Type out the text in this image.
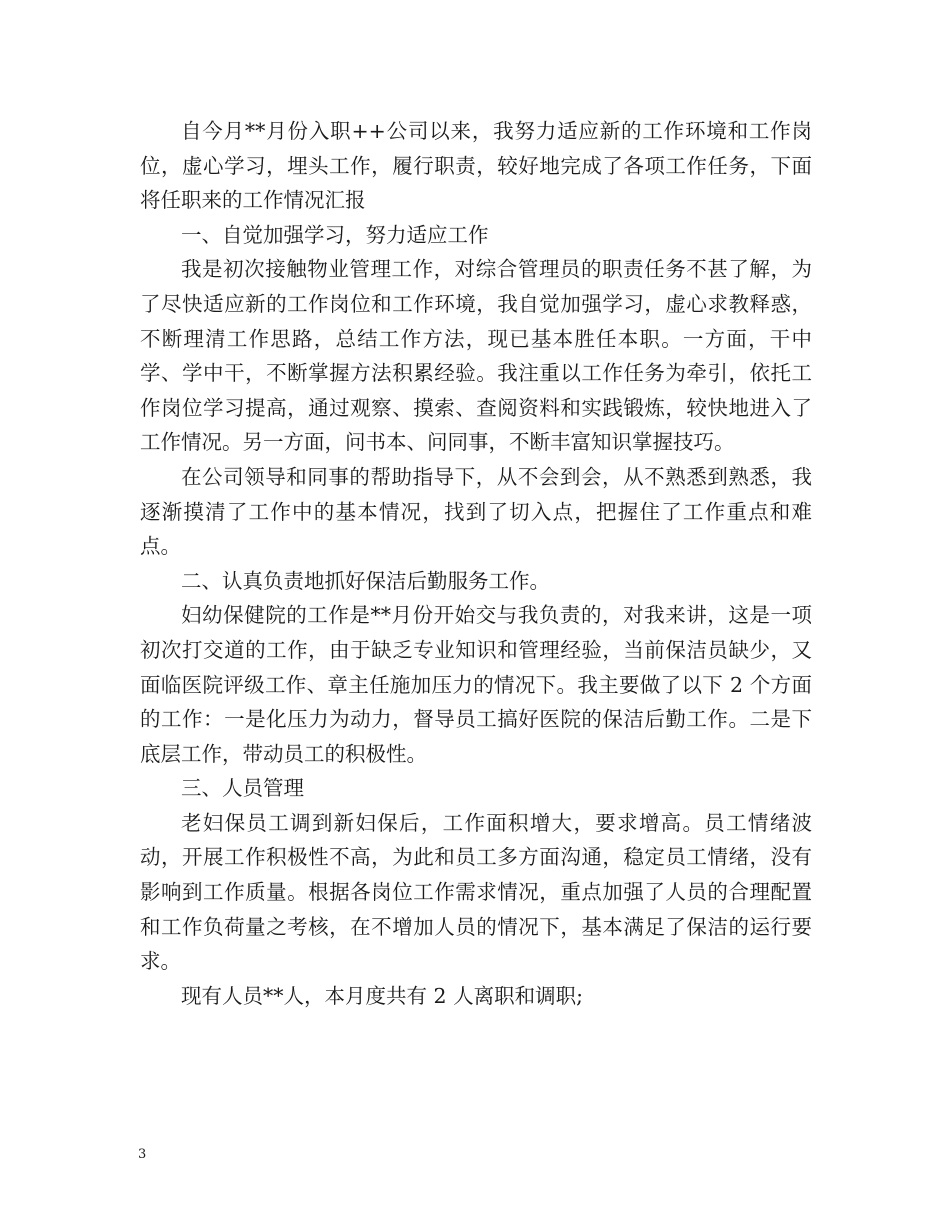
自今月**月份入职++公司以来，我努力适应新的工作环境和工作岗位，虚心学习，埋头工作，履行职责，较好地完成了各项工作任务，下面将任职来的工作情况汇报

一、自觉加强学习，努力适应工作

我是初次接触物业管理工作，对综合管理员的职责任务不甚了解，为了尽快适应新的工作岗位和工作环境，我自觉加强学习，虚心求教释惑，不断理清工作思路，总结工作方法，现已基本胜任本职。一方面，干中学、学中干，不断掌握方法积累经验。我注重以工作任务为牵引，依托工作岗位学习提高，通过观察、摸索、查阅资料和实践锻炼，较快地进入了工作情况。另一方面，问书本、问同事，不断丰富知识掌握技巧。

在公司领导和同事的帮助指导下，从不会到会，从不熟悉到熟悉，我逐渐摸清了工作中的基本情况，找到了切入点，把握住了工作重点和难点。

二、认真负责地抓好保洁后勤服务工作。

妇幼保健院的工作是**月份开始交与我负责的，对我来讲，这是一项初次打交道的工作，由于缺乏专业知识和管理经验，当前保洁员缺少，又面临医院评级工作、章主任施加压力的情况下。我主要做了以下 2 个方面的工作：一是化压力为动力，督导员工搞好医院的保洁后勤工作。二是下底层工作，带动员工的积极性。

三、人员管理

老妇保员工调到新妇保后，工作面积增大，要求增高。员工情绪波动，开展工作积极性不高，为此和员工多方面沟通，稳定员工情绪，没有影响到工作质量。根据各岗位工作需求情况，重点加强了人员的合理配置和工作负荷量之考核，在不增加人员的情况下，基本满足了保洁的运行要求。

现有人员**人，本月度共有 2 人离职和调职;

3
